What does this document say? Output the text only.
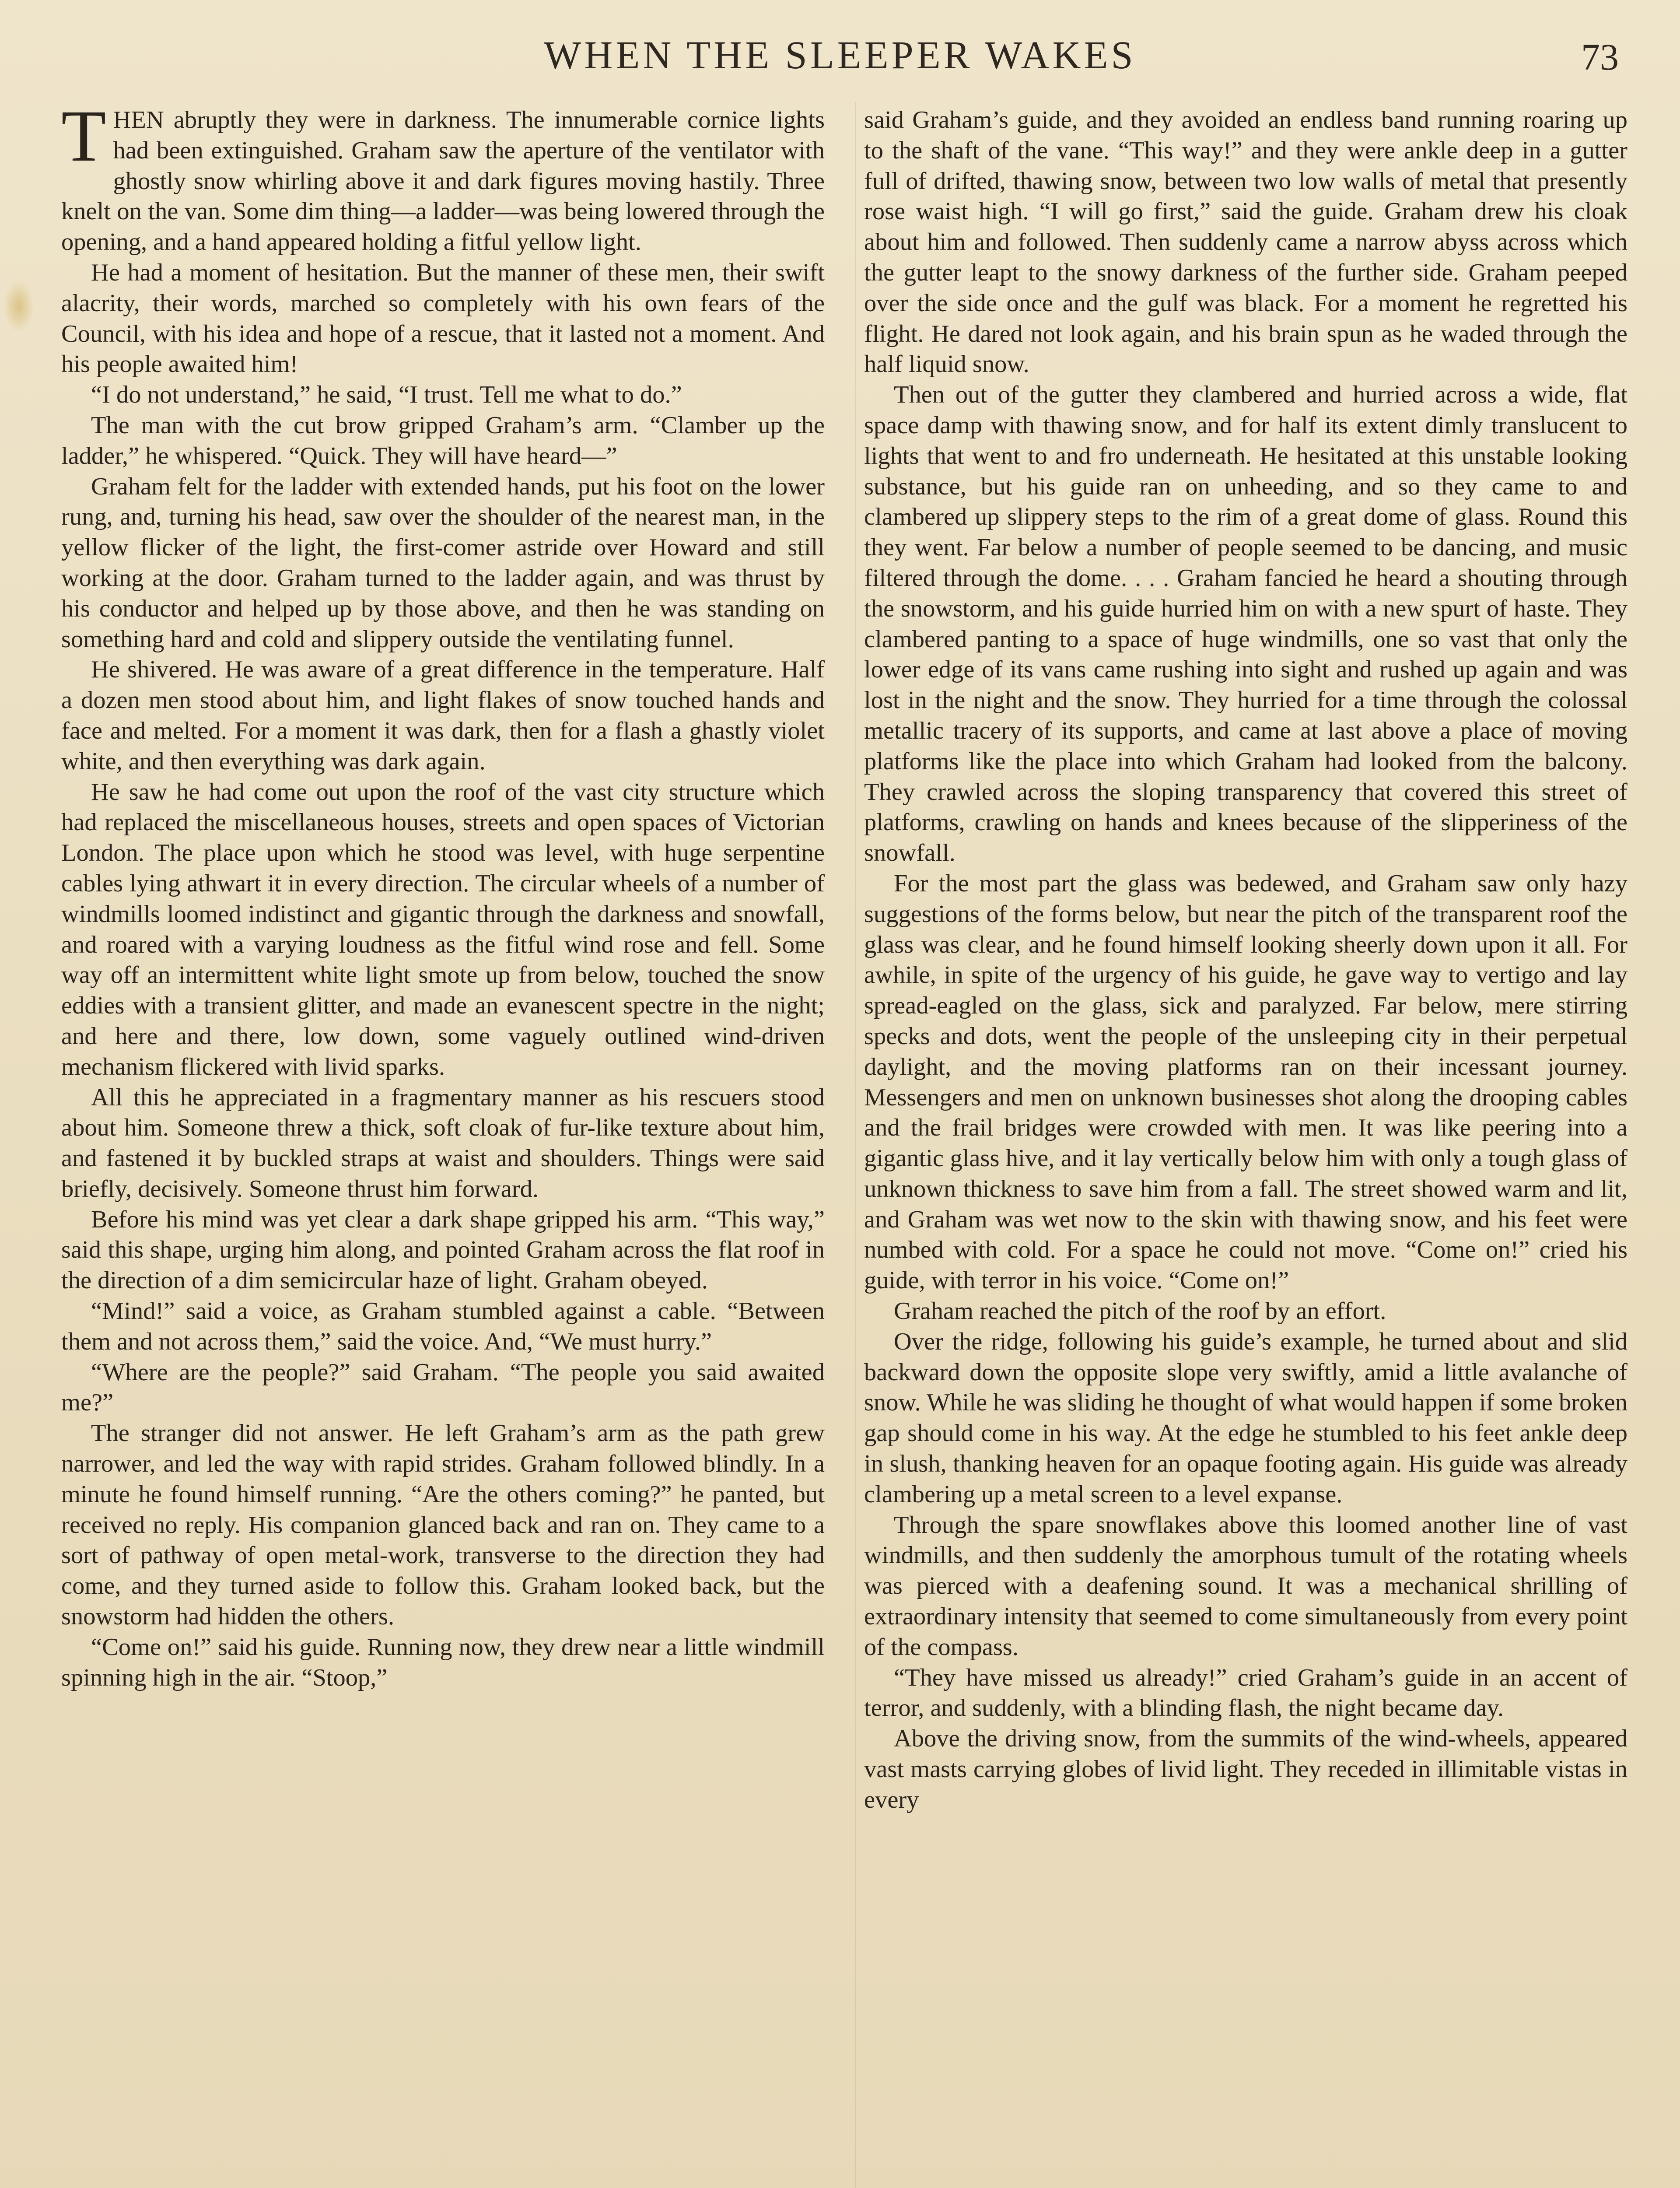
WHEN THE SLEEPER WAKES	73

THEN abruptly they were in darkness. The innumerable cornice lights had been extinguished. Graham saw the aperture of the ventilator with ghostly snow whirling above it and dark figures moving hastily. Three knelt on the van. Some dim thing—a ladder—was being lowered through the opening, and a hand appeared holding a fitful yellow light.

He had a moment of hesitation. But the manner of these men, their swift alacrity, their words, marched so completely with his own fears of the Council, with his idea and hope of a rescue, that it lasted not a moment. And his people awaited him!

“I do not understand,” he said, “I trust. Tell me what to do.”

The man with the cut brow gripped Graham’s arm. “Clamber up the ladder,” he whispered. “Quick. They will have heard—”

Graham felt for the ladder with extended hands, put his foot on the lower rung, and, turning his head, saw over the shoulder of the nearest man, in the yellow flicker of the light, the first-comer astride over Howard and still working at the door. Graham turned to the ladder again, and was thrust by his conductor and helped up by those above, and then he was standing on something hard and cold and slippery outside the ventilating funnel.

He shivered. He was aware of a great difference in the temperature. Half a dozen men stood about him, and light flakes of snow touched hands and face and melted. For a moment it was dark, then for a flash a ghastly violet white, and then everything was dark again.

He saw he had come out upon the roof of the vast city structure which had replaced the miscellaneous houses, streets and open spaces of Victorian London. The place upon which he stood was level, with huge serpentine cables lying athwart it in every direction. The circular wheels of a number of windmills loomed indistinct and gigantic through the darkness and snowfall, and roared with a varying loudness as the fitful wind rose and fell. Some way off an intermittent white light smote up from below, touched the snow eddies with a transient glitter, and made an evanescent spectre in the night; and here and there, low down, some vaguely outlined wind-driven mechanism flickered with livid sparks.

All this he appreciated in a fragmentary manner as his rescuers stood about him. Someone threw a thick, soft cloak of fur-like texture about him, and fastened it by buckled straps at waist and shoulders. Things were said briefly, decisively. Someone thrust him forward.

Before his mind was yet clear a dark shape gripped his arm. “This way,” said this shape, urging him along, and pointed Graham across the flat roof in the direction of a dim semicircular haze of light. Graham obeyed.

“Mind!” said a voice, as Graham stumbled against a cable. “Between them and not across them,” said the voice. And, “We must hurry.”

“Where are the people?” said Graham. “The people you said awaited me?”

The stranger did not answer. He left Graham’s arm as the path grew narrower, and led the way with rapid strides. Graham followed blindly. In a minute he found himself running. “Are the others coming?” he panted, but received no reply. His companion glanced back and ran on. They came to a sort of pathway of open metal-work, transverse to the direction they had come, and they turned aside to follow this. Graham looked back, but the snowstorm had hidden the others.

“Come on!” said his guide. Running now, they drew near a little windmill spinning high in the air. “Stoop,”

said Graham’s guide, and they avoided an endless band running roaring up to the shaft of the vane. “This way!” and they were ankle deep in a gutter full of drifted, thawing snow, between two low walls of metal that presently rose waist high. “I will go first,” said the guide. Graham drew his cloak about him and followed. Then suddenly came a narrow abyss across which the gutter leapt to the snowy darkness of the further side. Graham peeped over the side once and the gulf was black. For a moment he regretted his flight. He dared not look again, and his brain spun as he waded through the half liquid snow.

Then out of the gutter they clambered and hurried across a wide, flat space damp with thawing snow, and for half its extent dimly translucent to lights that went to and fro underneath. He hesitated at this unstable looking substance, but his guide ran on unheeding, and so they came to and clambered up slippery steps to the rim of a great dome of glass. Round this they went. Far below a number of people seemed to be dancing, and music filtered through the dome. . . . Graham fancied he heard a shouting through the snowstorm, and his guide hurried him on with a new spurt of haste. They clambered panting to a space of huge windmills, one so vast that only the lower edge of its vans came rushing into sight and rushed up again and was lost in the night and the snow. They hurried for a time through the colossal metallic tracery of its supports, and came at last above a place of moving platforms like the place into which Graham had looked from the balcony. They crawled across the sloping transparency that covered this street of platforms, crawling on hands and knees because of the slipperiness of the snowfall.

For the most part the glass was bedewed, and Graham saw only hazy suggestions of the forms below, but near the pitch of the transparent roof the glass was clear, and he found himself looking sheerly down upon it all. For awhile, in spite of the urgency of his guide, he gave way to vertigo and lay spread-eagled on the glass, sick and paralyzed. Far below, mere stirring specks and dots, went the people of the unsleeping city in their perpetual daylight, and the moving platforms ran on their incessant journey. Messengers and men on unknown businesses shot along the drooping cables and the frail bridges were crowded with men. It was like peering into a gigantic glass hive, and it lay vertically below him with only a tough glass of unknown thickness to save him from a fall. The street showed warm and lit, and Graham was wet now to the skin with thawing snow, and his feet were numbed with cold. For a space he could not move. “Come on!” cried his guide, with terror in his voice. “Come on!”

Graham reached the pitch of the roof by an effort.

Over the ridge, following his guide’s example, he turned about and slid backward down the opposite slope very swiftly, amid a little avalanche of snow. While he was sliding he thought of what would happen if some broken gap should come in his way. At the edge he stumbled to his feet ankle deep in slush, thanking heaven for an opaque footing again. His guide was already clambering up a metal screen to a level expanse.

Through the spare snowflakes above this loomed another line of vast windmills, and then suddenly the amorphous tumult of the rotating wheels was pierced with a deafening sound. It was a mechanical shrilling of extraordinary intensity that seemed to come simultaneously from every point of the compass.

“They have missed us already!” cried Graham’s guide in an accent of terror, and suddenly, with a blinding flash, the night became day.

Above the driving snow, from the summits of the wind-wheels, appeared vast masts carrying globes of livid light. They receded in illimitable vistas in every
